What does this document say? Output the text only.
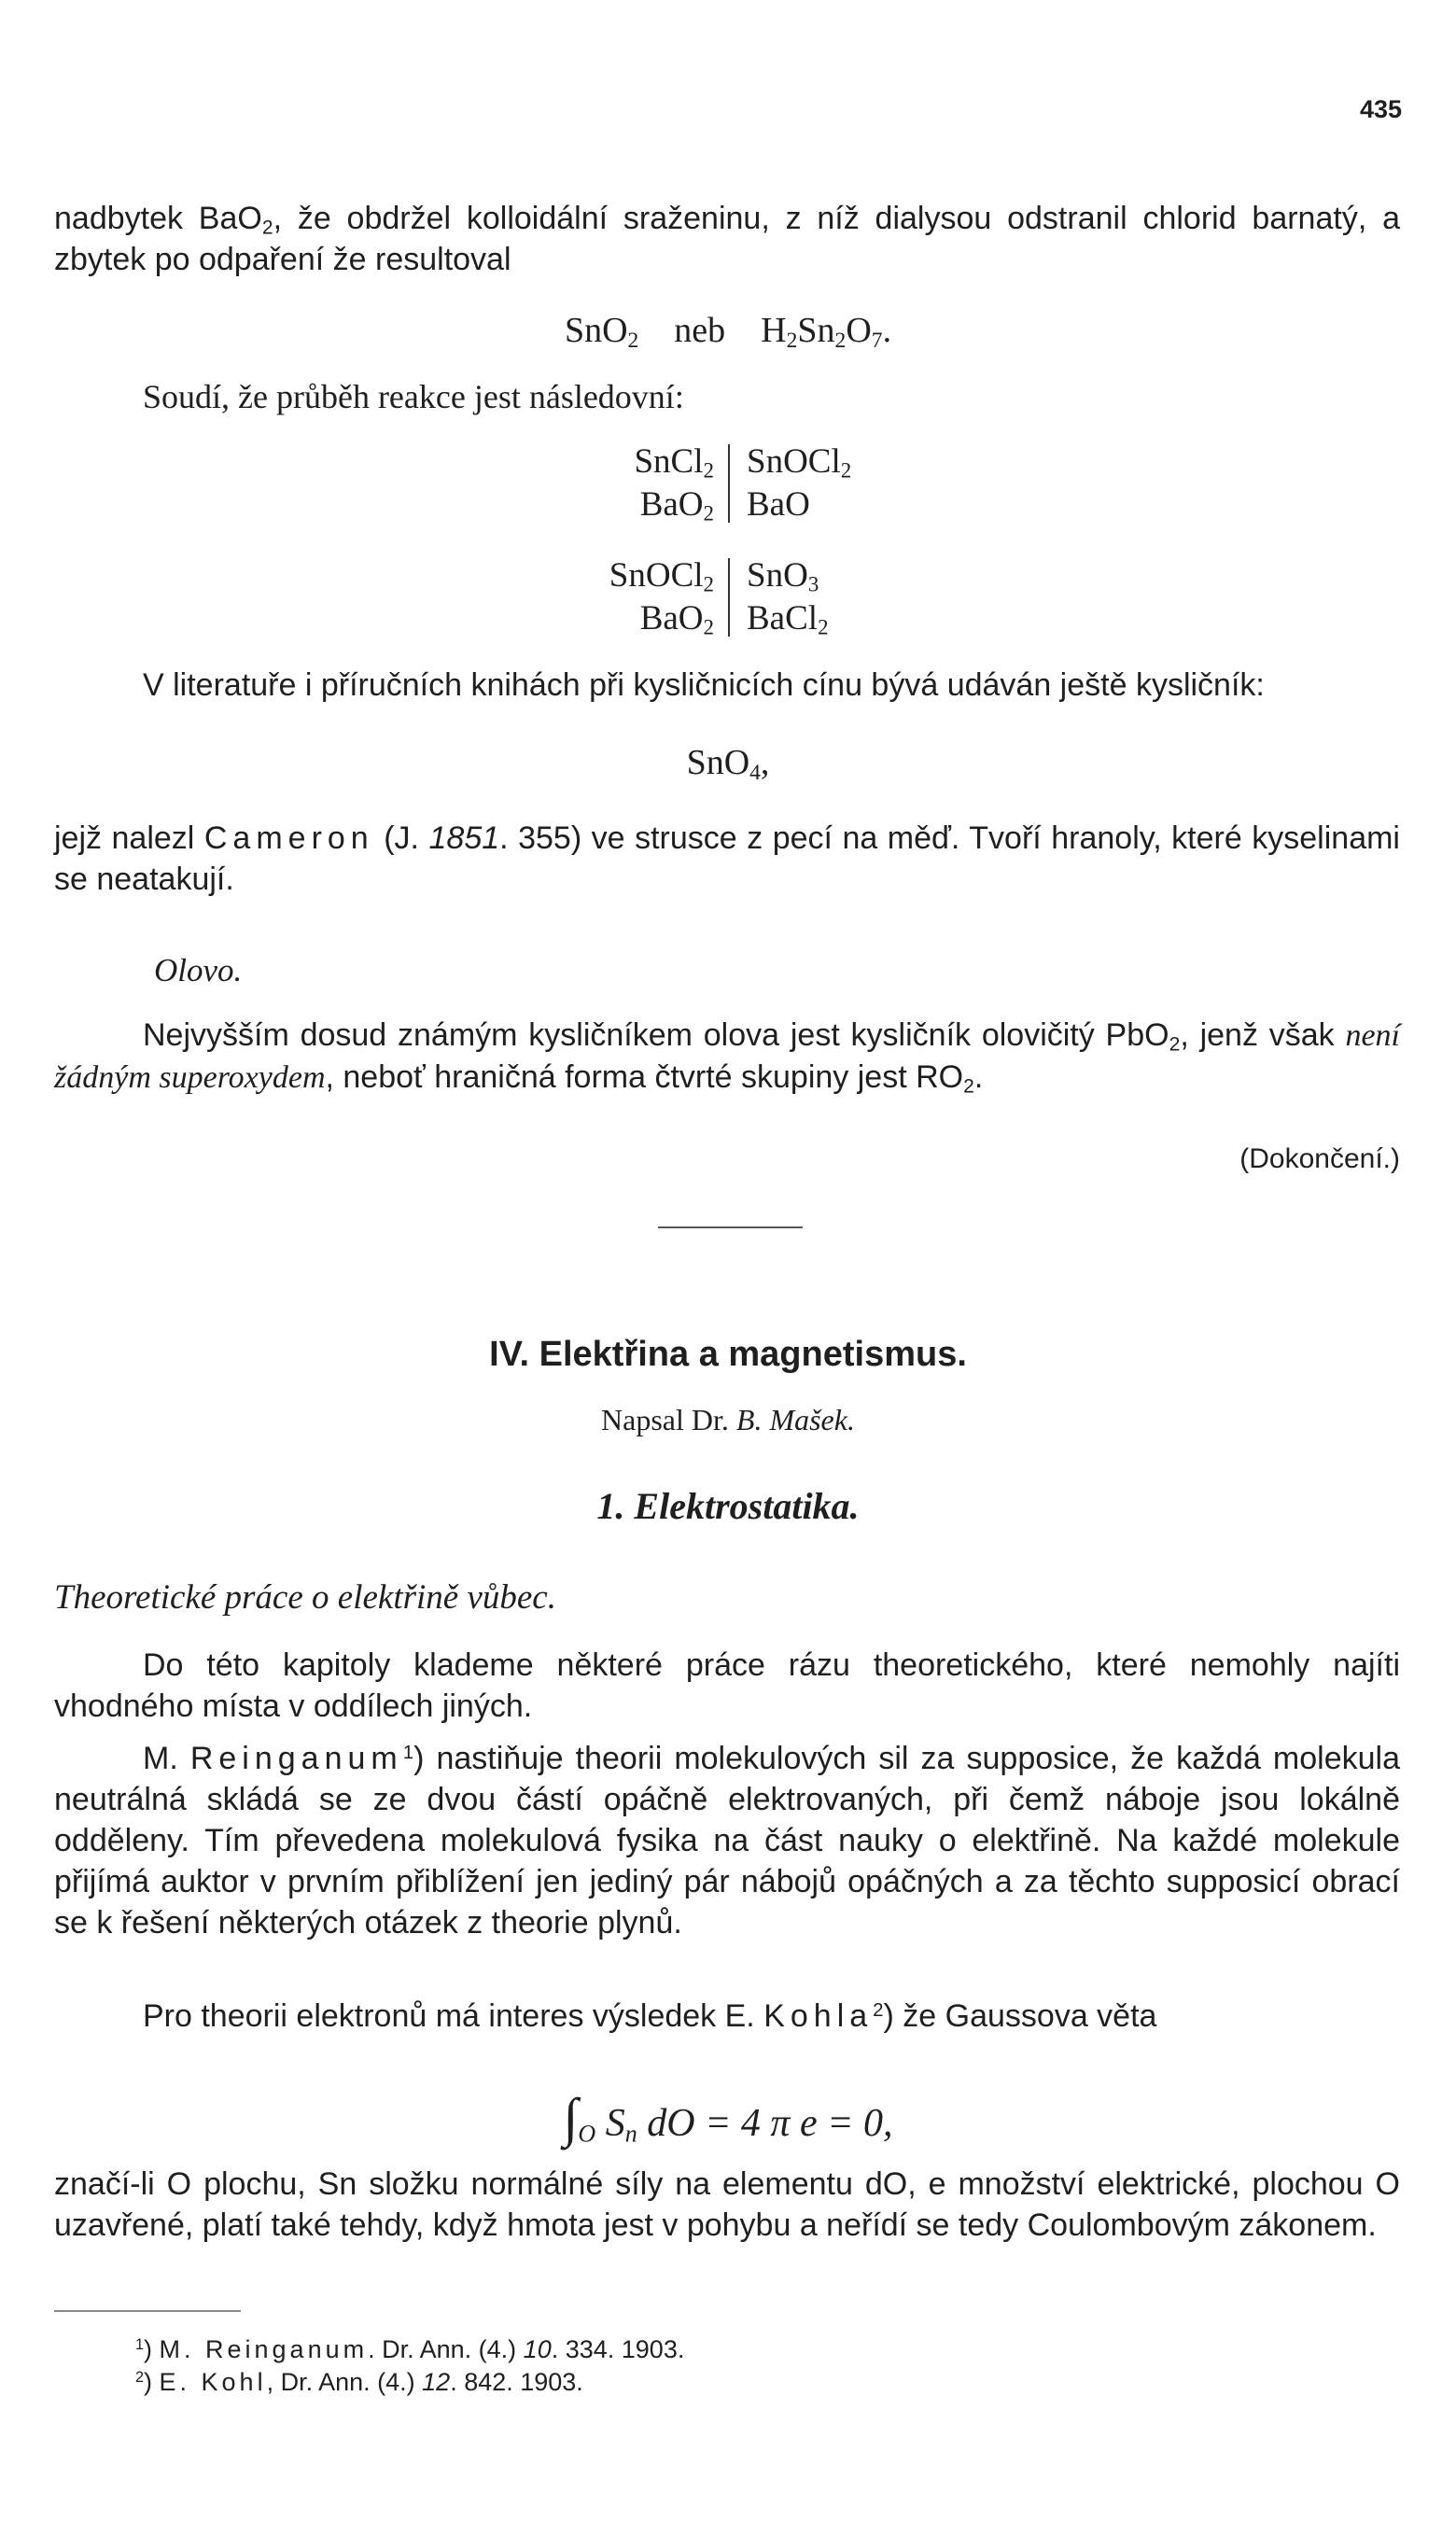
435
nadbytek BaO$_2$, že obdržel kolloidální sraženinu, z níž dialysou odstranil chlorid barnatý, a zbytek po odpaření že resultoval
SnO$_2$ neb $H_2Sn_2O_7$.
Soudí, že průběh reakce jest následovní:
SnCl$_2$
BaO$_2$
SnOCl$_2$
BaO
SnOCl$_2$
BaO$_2$
SnO$_3$
BaCl$_2$
V literatuře i příručních knihách při kysličnicích cínu bývá udáván ještě kysličník:
SnO$_4$,
jejž nalezl Cameron (J. 1851. 355) ve strusce z pecí na měď. Tvoří hranoly, které kyselinami se neatakují.
Olovo.
Nejvyšším dosud známým kysličníkem olova jest kysličník olovičitý PbO$_2$, jenž však není žádným superoxydem, neboť hraničná forma čtvrté skupiny jest $RO_2$.
(Dokončení.)
IV. Elektřina a magnetismus.
Napsal Dr. B. Mašek.
1. Elektrostatika.
Theoretické práce o elektřině vůbec.
Do této kapitoly klademe některé práce rázu theoretického, které nemohly najíti vhodného místa v oddílech jiných.
M. Reinganum$^1$) nastiňuje theorii molekulových sil za supposice, že každá molekula neutrálná skládá se ze dvou částí opáčně elektrovaných, při čemž náboje jsou lokálně odděleny. Tím převedena molekulová fysika na část nauky o elektřině. Na každé molekule přijímá auktor v prvním přiblížení jen jediný pár nábojů opáčných a za těchto supposicí obrací se k řešení některých otázek z theorie plynů.
Pro theorii elektronů má interes výsledek E. Kohla$^2$) že Gaussova věta
$\int_O$ $S_n$ dO = 4 π e = 0,
značí-li O plochu, Sn složku normálné síly na elementu dO, e množství elektrické, plochou O uzavřené, platí také tehdy, když hmota jest v pohybu a neřídí se tedy Coulombovým zákonem.
$^1$) M. Reinganum. Dr. Ann. (4.) 10. 334. 1903.
$^2$) E. Kohl, Dr. Ann. (4.) 12. 842. 1903.
